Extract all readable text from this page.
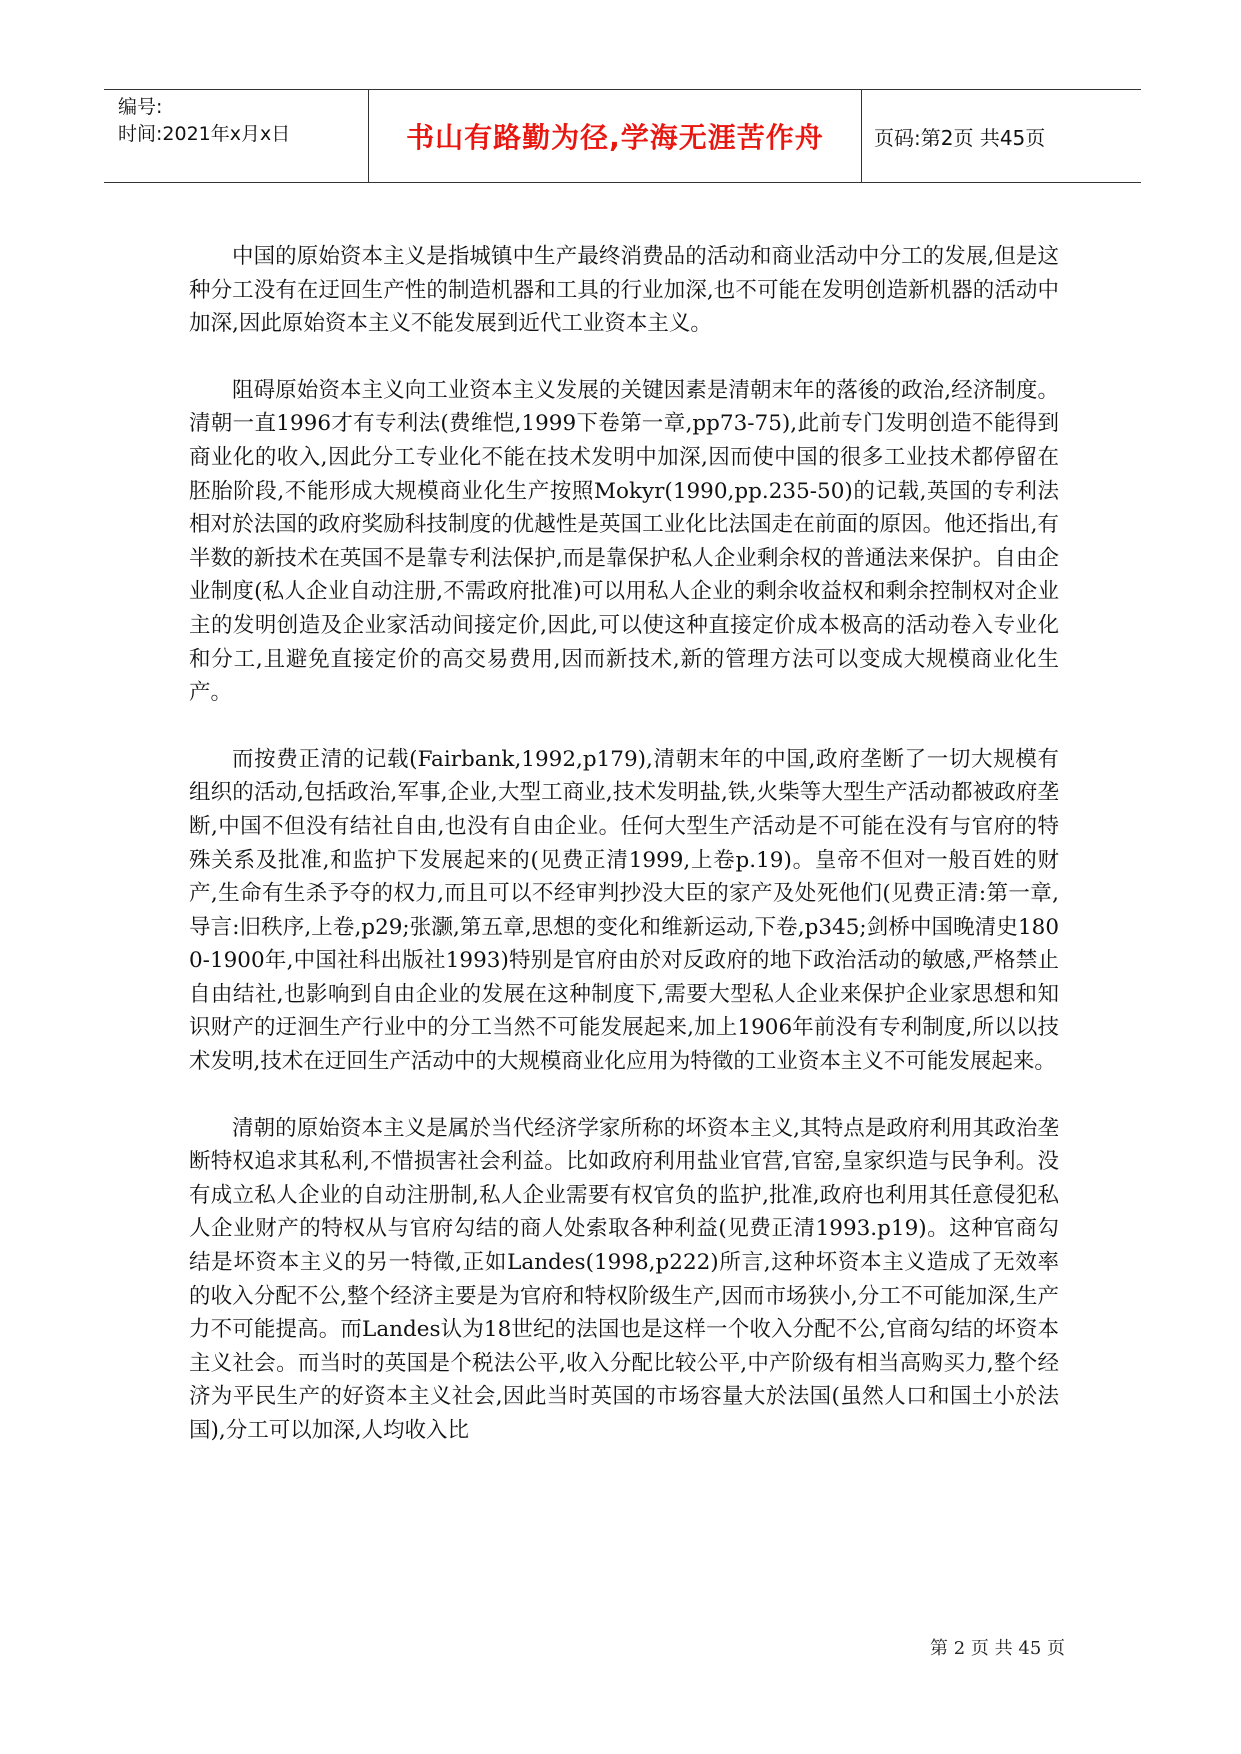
编号:
时间:2021年x月x日	书山有路勤为径,学海无涯苦作舟	页码:第2页 共45页

中国的原始资本主义是指城镇中生产最终消费品的活动和商业活动中分工的发展,但是这种分工没有在迂回生产性的制造机器和工具的行业加深,也不可能在发明创造新机器的活动中加深,因此原始资本主义不能发展到近代工业资本主义。

阻碍原始资本主义向工业资本主义发展的关键因素是清朝末年的落後的政治,经济制度。清朝一直1996才有专利法(费维恺,1999下卷第一章,pp73-75),此前专门发明创造不能得到商业化的收入,因此分工专业化不能在技术发明中加深,因而使中国的很多工业技术都停留在胚胎阶段,不能形成大规模商业化生产按照Mokyr(1990,pp.235-50)的记载,英国的专利法相对於法国的政府奖励科技制度的优越性是英国工业化比法国走在前面的原因。他还指出,有半数的新技术在英国不是靠专利法保护,而是靠保护私人企业剩余权的普通法来保护。自由企业制度(私人企业自动注册,不需政府批准)可以用私人企业的剩余收益权和剩余控制权对企业主的发明创造及企业家活动间接定价,因此,可以使这种直接定价成本极高的活动卷入专业化和分工,且避免直接定价的高交易费用,因而新技术,新的管理方法可以变成大规模商业化生产。

而按费正清的记载(Fairbank,1992,p179),清朝末年的中国,政府垄断了一切大规模有组织的活动,包括政治,军事,企业,大型工商业,技术发明盐,铁,火柴等大型生产活动都被政府垄断,中国不但没有结社自由,也没有自由企业。任何大型生产活动是不可能在没有与官府的特殊关系及批准,和监护下发展起来的(见费正清1999,上卷p.19)。皇帝不但对一般百姓的财产,生命有生杀予夺的权力,而且可以不经审判抄没大臣的家产及处死他们(见费正清:第一章,导言:旧秩序,上卷,p29;张灏,第五章,思想的变化和维新运动,下卷,p345;剑桥中国晚清史1800-1900年,中国社科出版社1993)特别是官府由於对反政府的地下政治活动的敏感,严格禁止自由结社,也影响到自由企业的发展在这种制度下,需要大型私人企业来保护企业家思想和知识财产的迂洄生产行业中的分工当然不可能发展起来,加上1906年前没有专利制度,所以以技术发明,技术在迂回生产活动中的大规模商业化应用为特徵的工业资本主义不可能发展起来。

清朝的原始资本主义是属於当代经济学家所称的坏资本主义,其特点是政府利用其政治垄断特权追求其私利,不惜损害社会利益。比如政府利用盐业官营,官窑,皇家织造与民争利。没有成立私人企业的自动注册制,私人企业需要有权官负的监护,批准,政府也利用其任意侵犯私人企业财产的特权从与官府勾结的商人处索取各种利益(见费正清1993.p19)。这种官商勾结是坏资本主义的另一特徵,正如Landes(1998,p222)所言,这种坏资本主义造成了无效率的收入分配不公,整个经济主要是为官府和特权阶级生产,因而市场狭小,分工不可能加深,生产力不可能提高。而Landes认为18世纪的法国也是这样一个收入分配不公,官商勾结的坏资本主义社会。而当时的英国是个税法公平,收入分配比较公平,中产阶级有相当高购买力,整个经济为平民生产的好资本主义社会,因此当时英国的市场容量大於法国(虽然人口和国土小於法国),分工可以加深,人均收入比

第 2 页 共 45 页
